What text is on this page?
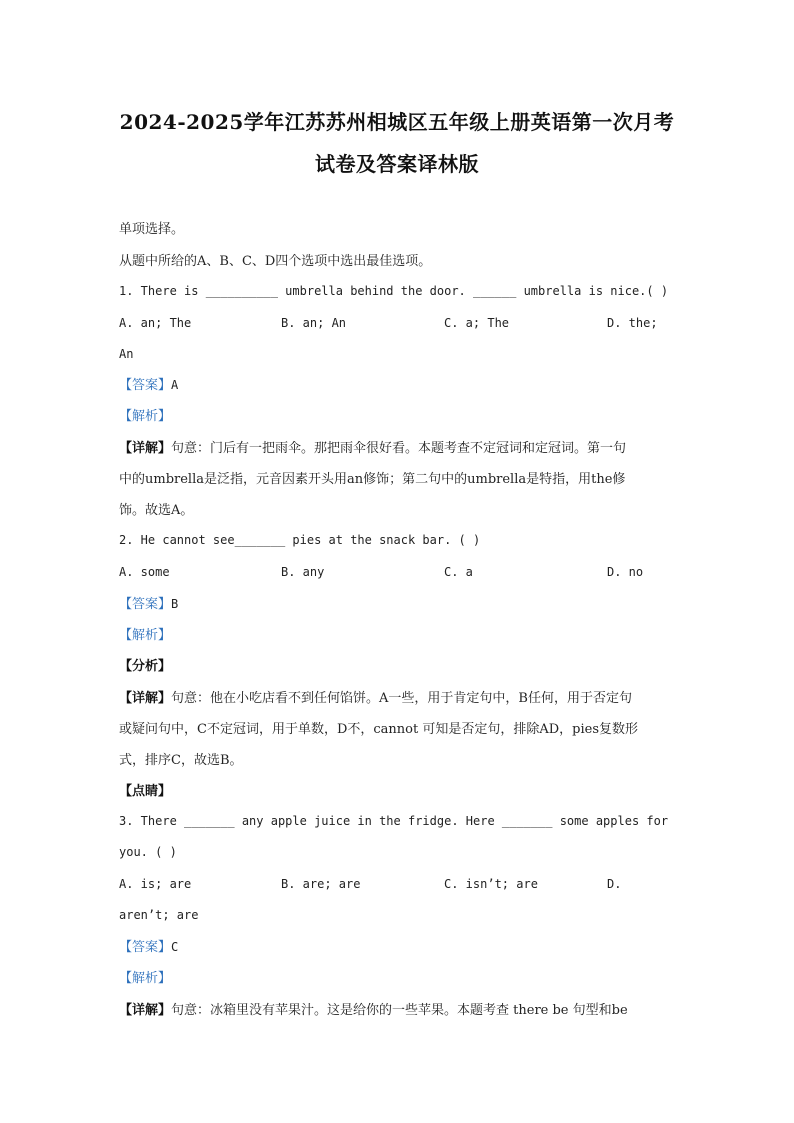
2024-2025学年江苏苏州相城区五年级上册英语第一次月考
试卷及答案译林版
单项选择。
从题中所给的A、B、C、D四个选项中选出最佳选项。
1. There is __________ umbrella behind the door. ______ umbrella is nice.( )
A. an; The	B. an; An	C. a; The	D. the;
An
【答案】A
【解析】
【详解】句意：门后有一把雨伞。那把雨伞很好看。本题考查不定冠词和定冠词。第一句
中的umbrella是泛指，元音因素开头用an修饰；第二句中的umbrella是特指，用the修
饰。故选A。
2. He cannot see_______ pies at the snack bar. ( )
A. some	B. any	C. a	D. no
【答案】B
【解析】
【分析】
【详解】句意：他在小吃店看不到任何馅饼。A一些，用于肯定句中，B任何，用于否定句
或疑问句中，C不定冠词，用于单数，D不，cannot 可知是否定句，排除AD，pies复数形
式，排序C，故选B。
【点睛】
3. There _______ any apple juice in the fridge. Here _______ some apples for
you. ( )
A. is; are	B. are; are	C. isn’t; are	D.
aren’t; are
【答案】C
【解析】
【详解】句意：冰箱里没有苹果汁。这是给你的一些苹果。本题考查 there be 句型和be
